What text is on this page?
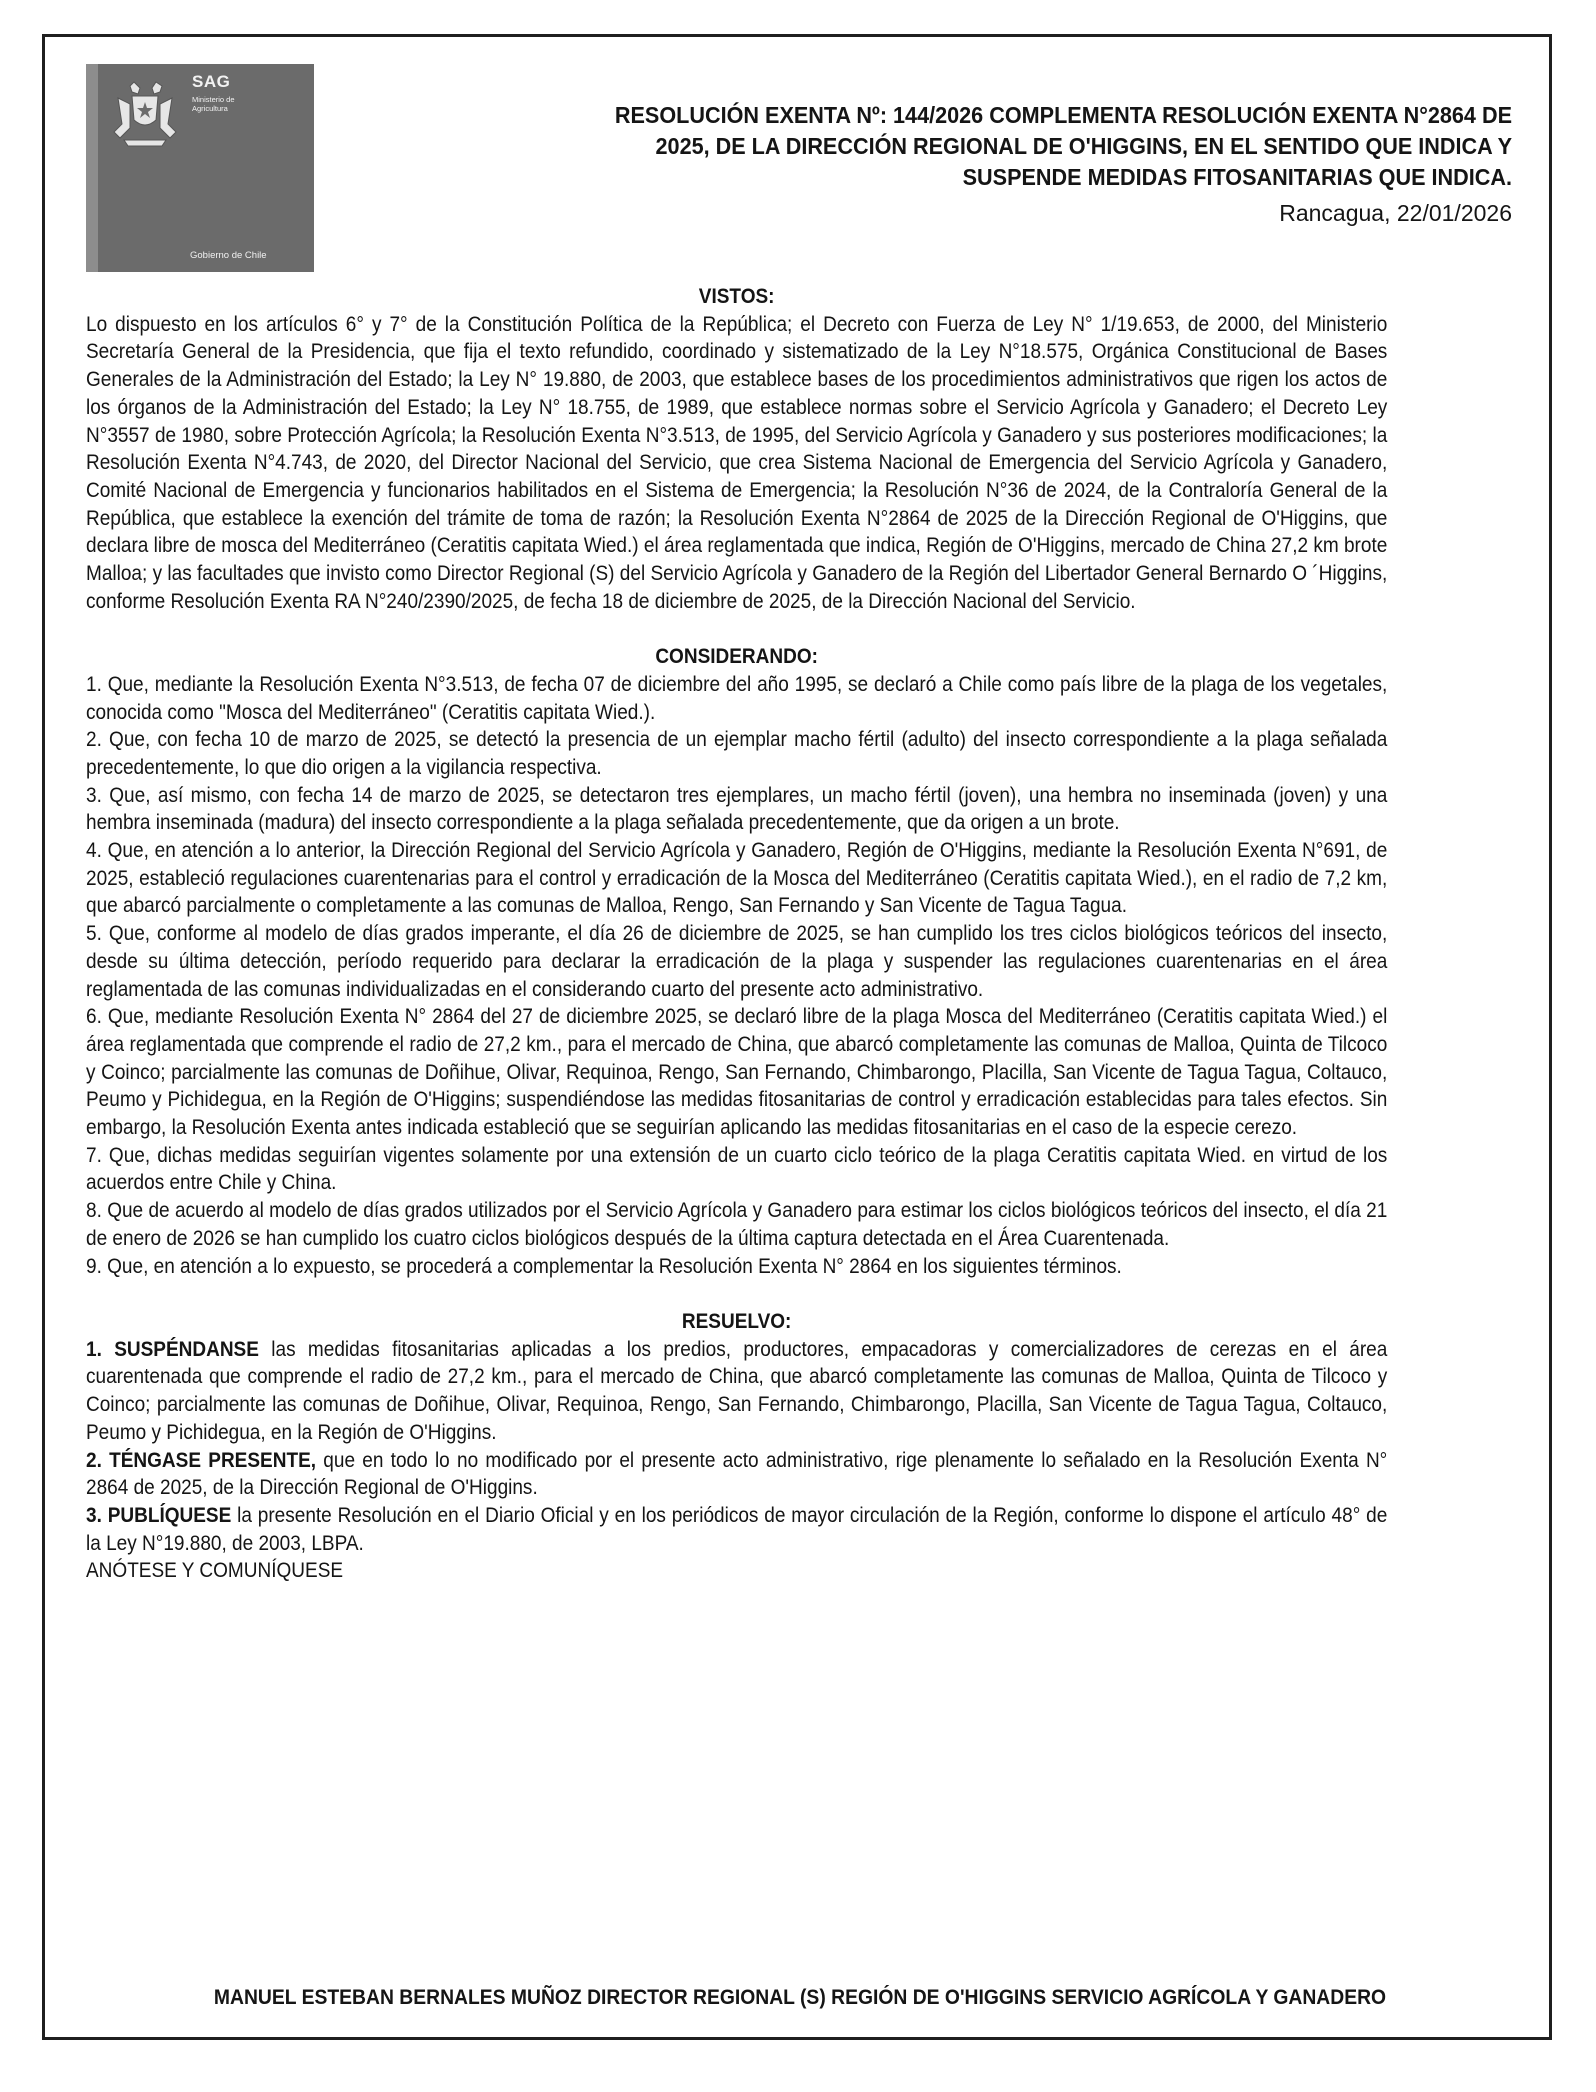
SAG
Ministerio de Agricultura
Gobierno de Chile
RESOLUCIÓN EXENTA Nº: 144/2026 COMPLEMENTA RESOLUCIÓN EXENTA N°2864 DE 2025, DE LA DIRECCIÓN REGIONAL DE O'HIGGINS, EN EL SENTIDO QUE INDICA Y SUSPENDE MEDIDAS FITOSANITARIAS QUE INDICA.
Rancagua, 22/01/2026

VISTOS:

Lo dispuesto en los artículos 6° y 7° de la Constitución Política de la República; el Decreto con Fuerza de Ley N° 1/19.653, de 2000, del Ministerio Secretaría General de la Presidencia, que fija el texto refundido, coordinado y sistematizado de la Ley N°18.575, Orgánica Constitucional de Bases Generales de la Administración del Estado; la Ley N° 19.880, de 2003, que establece bases de los procedimientos administrativos que rigen los actos de los órganos de la Administración del Estado; la Ley N° 18.755, de 1989, que establece normas sobre el Servicio Agrícola y Ganadero; el Decreto Ley N°3557 de 1980, sobre Protección Agrícola; la Resolución Exenta N°3.513, de 1995, del Servicio Agrícola y Ganadero y sus posteriores modificaciones; la Resolución Exenta N°4.743, de 2020, del Director Nacional del Servicio, que crea Sistema Nacional de Emergencia del Servicio Agrícola y Ganadero, Comité Nacional de Emergencia y funcionarios habilitados en el Sistema de Emergencia; la Resolución N°36 de 2024, de la Contraloría General de la República, que establece la exención del trámite de toma de razón; la Resolución Exenta N°2864 de 2025 de la Dirección Regional de O'Higgins, que declara libre de mosca del Mediterráneo (Ceratitis capitata Wied.) el área reglamentada que indica, Región de O'Higgins, mercado de China 27,2 km brote Malloa; y las facultades que invisto como Director Regional (S) del Servicio Agrícola y Ganadero de la Región del Libertador General Bernardo O ´Higgins, conforme Resolución Exenta RA N°240/2390/2025, de fecha 18 de diciembre de 2025, de la Dirección Nacional del Servicio.

CONSIDERANDO:

1. Que, mediante la Resolución Exenta N°3.513, de fecha 07 de diciembre del año 1995, se declaró a Chile como país libre de la plaga de los vegetales, conocida como "Mosca del Mediterráneo" (Ceratitis capitata Wied.).

2. Que, con fecha 10 de marzo de 2025, se detectó la presencia de un ejemplar macho fértil (adulto) del insecto correspondiente a la plaga señalada precedentemente, lo que dio origen a la vigilancia respectiva.

3. Que, así mismo, con fecha 14 de marzo de 2025, se detectaron tres ejemplares, un macho fértil (joven), una hembra no inseminada (joven) y una hembra inseminada (madura) del insecto correspondiente a la plaga señalada precedentemente, que da origen a un brote.

4. Que, en atención a lo anterior, la Dirección Regional del Servicio Agrícola y Ganadero, Región de O'Higgins, mediante la Resolución Exenta N°691, de 2025, estableció regulaciones cuarentenarias para el control y erradicación de la Mosca del Mediterráneo (Ceratitis capitata Wied.), en el radio de 7,2 km, que abarcó parcialmente o completamente a las comunas de Malloa, Rengo, San Fernando y San Vicente de Tagua Tagua.

5. Que, conforme al modelo de días grados imperante, el día 26 de diciembre de 2025, se han cumplido los tres ciclos biológicos teóricos del insecto, desde su última detección, período requerido para declarar la erradicación de la plaga y suspender las regulaciones cuarentenarias en el área reglamentada de las comunas individualizadas en el considerando cuarto del presente acto administrativo.

6. Que, mediante Resolución Exenta N° 2864 del 27 de diciembre 2025, se declaró libre de la plaga Mosca del Mediterráneo (Ceratitis capitata Wied.) el área reglamentada que comprende el radio de 27,2 km., para el mercado de China, que abarcó completamente las comunas de Malloa, Quinta de Tilcoco y Coinco; parcialmente las comunas de Doñihue, Olivar, Requinoa, Rengo, San Fernando, Chimbarongo, Placilla, San Vicente de Tagua Tagua, Coltauco, Peumo y Pichidegua, en la Región de O'Higgins; suspendiéndose las medidas fitosanitarias de control y erradicación establecidas para tales efectos. Sin embargo, la Resolución Exenta antes indicada estableció que se seguirían aplicando las medidas fitosanitarias en el caso de la especie cerezo.

7. Que, dichas medidas seguirían vigentes solamente por una extensión de un cuarto ciclo teórico de la plaga Ceratitis capitata Wied. en virtud de los acuerdos entre Chile y China.

8. Que de acuerdo al modelo de días grados utilizados por el Servicio Agrícola y Ganadero para estimar los ciclos biológicos teóricos del insecto, el día 21 de enero de 2026 se han cumplido los cuatro ciclos biológicos después de la última captura detectada en el Área Cuarentenada.

9. Que, en atención a lo expuesto, se procederá a complementar la Resolución Exenta N° 2864 en los siguientes términos.

RESUELVO:

1. SUSPÉNDANSE las medidas fitosanitarias aplicadas a los predios, productores, empacadoras y comercializadores de cerezas en el área cuarentenada que comprende el radio de 27,2 km., para el mercado de China, que abarcó completamente las comunas de Malloa, Quinta de Tilcoco y Coinco; parcialmente las comunas de Doñihue, Olivar, Requinoa, Rengo, San Fernando, Chimbarongo, Placilla, San Vicente de Tagua Tagua, Coltauco, Peumo y Pichidegua, en la Región de O'Higgins.

2. TÉNGASE PRESENTE, que en todo lo no modificado por el presente acto administrativo, rige plenamente lo señalado en la Resolución Exenta N° 2864 de 2025, de la Dirección Regional de O'Higgins.

3. PUBLÍQUESE la presente Resolución en el Diario Oficial y en los periódicos de mayor circulación de la Región, conforme lo dispone el artículo 48° de la Ley N°19.880, de 2003, LBPA.

ANÓTESE Y COMUNÍQUESE

MANUEL ESTEBAN BERNALES MUÑOZ DIRECTOR REGIONAL (S) REGIÓN DE O'HIGGINS SERVICIO AGRÍCOLA Y GANADERO
